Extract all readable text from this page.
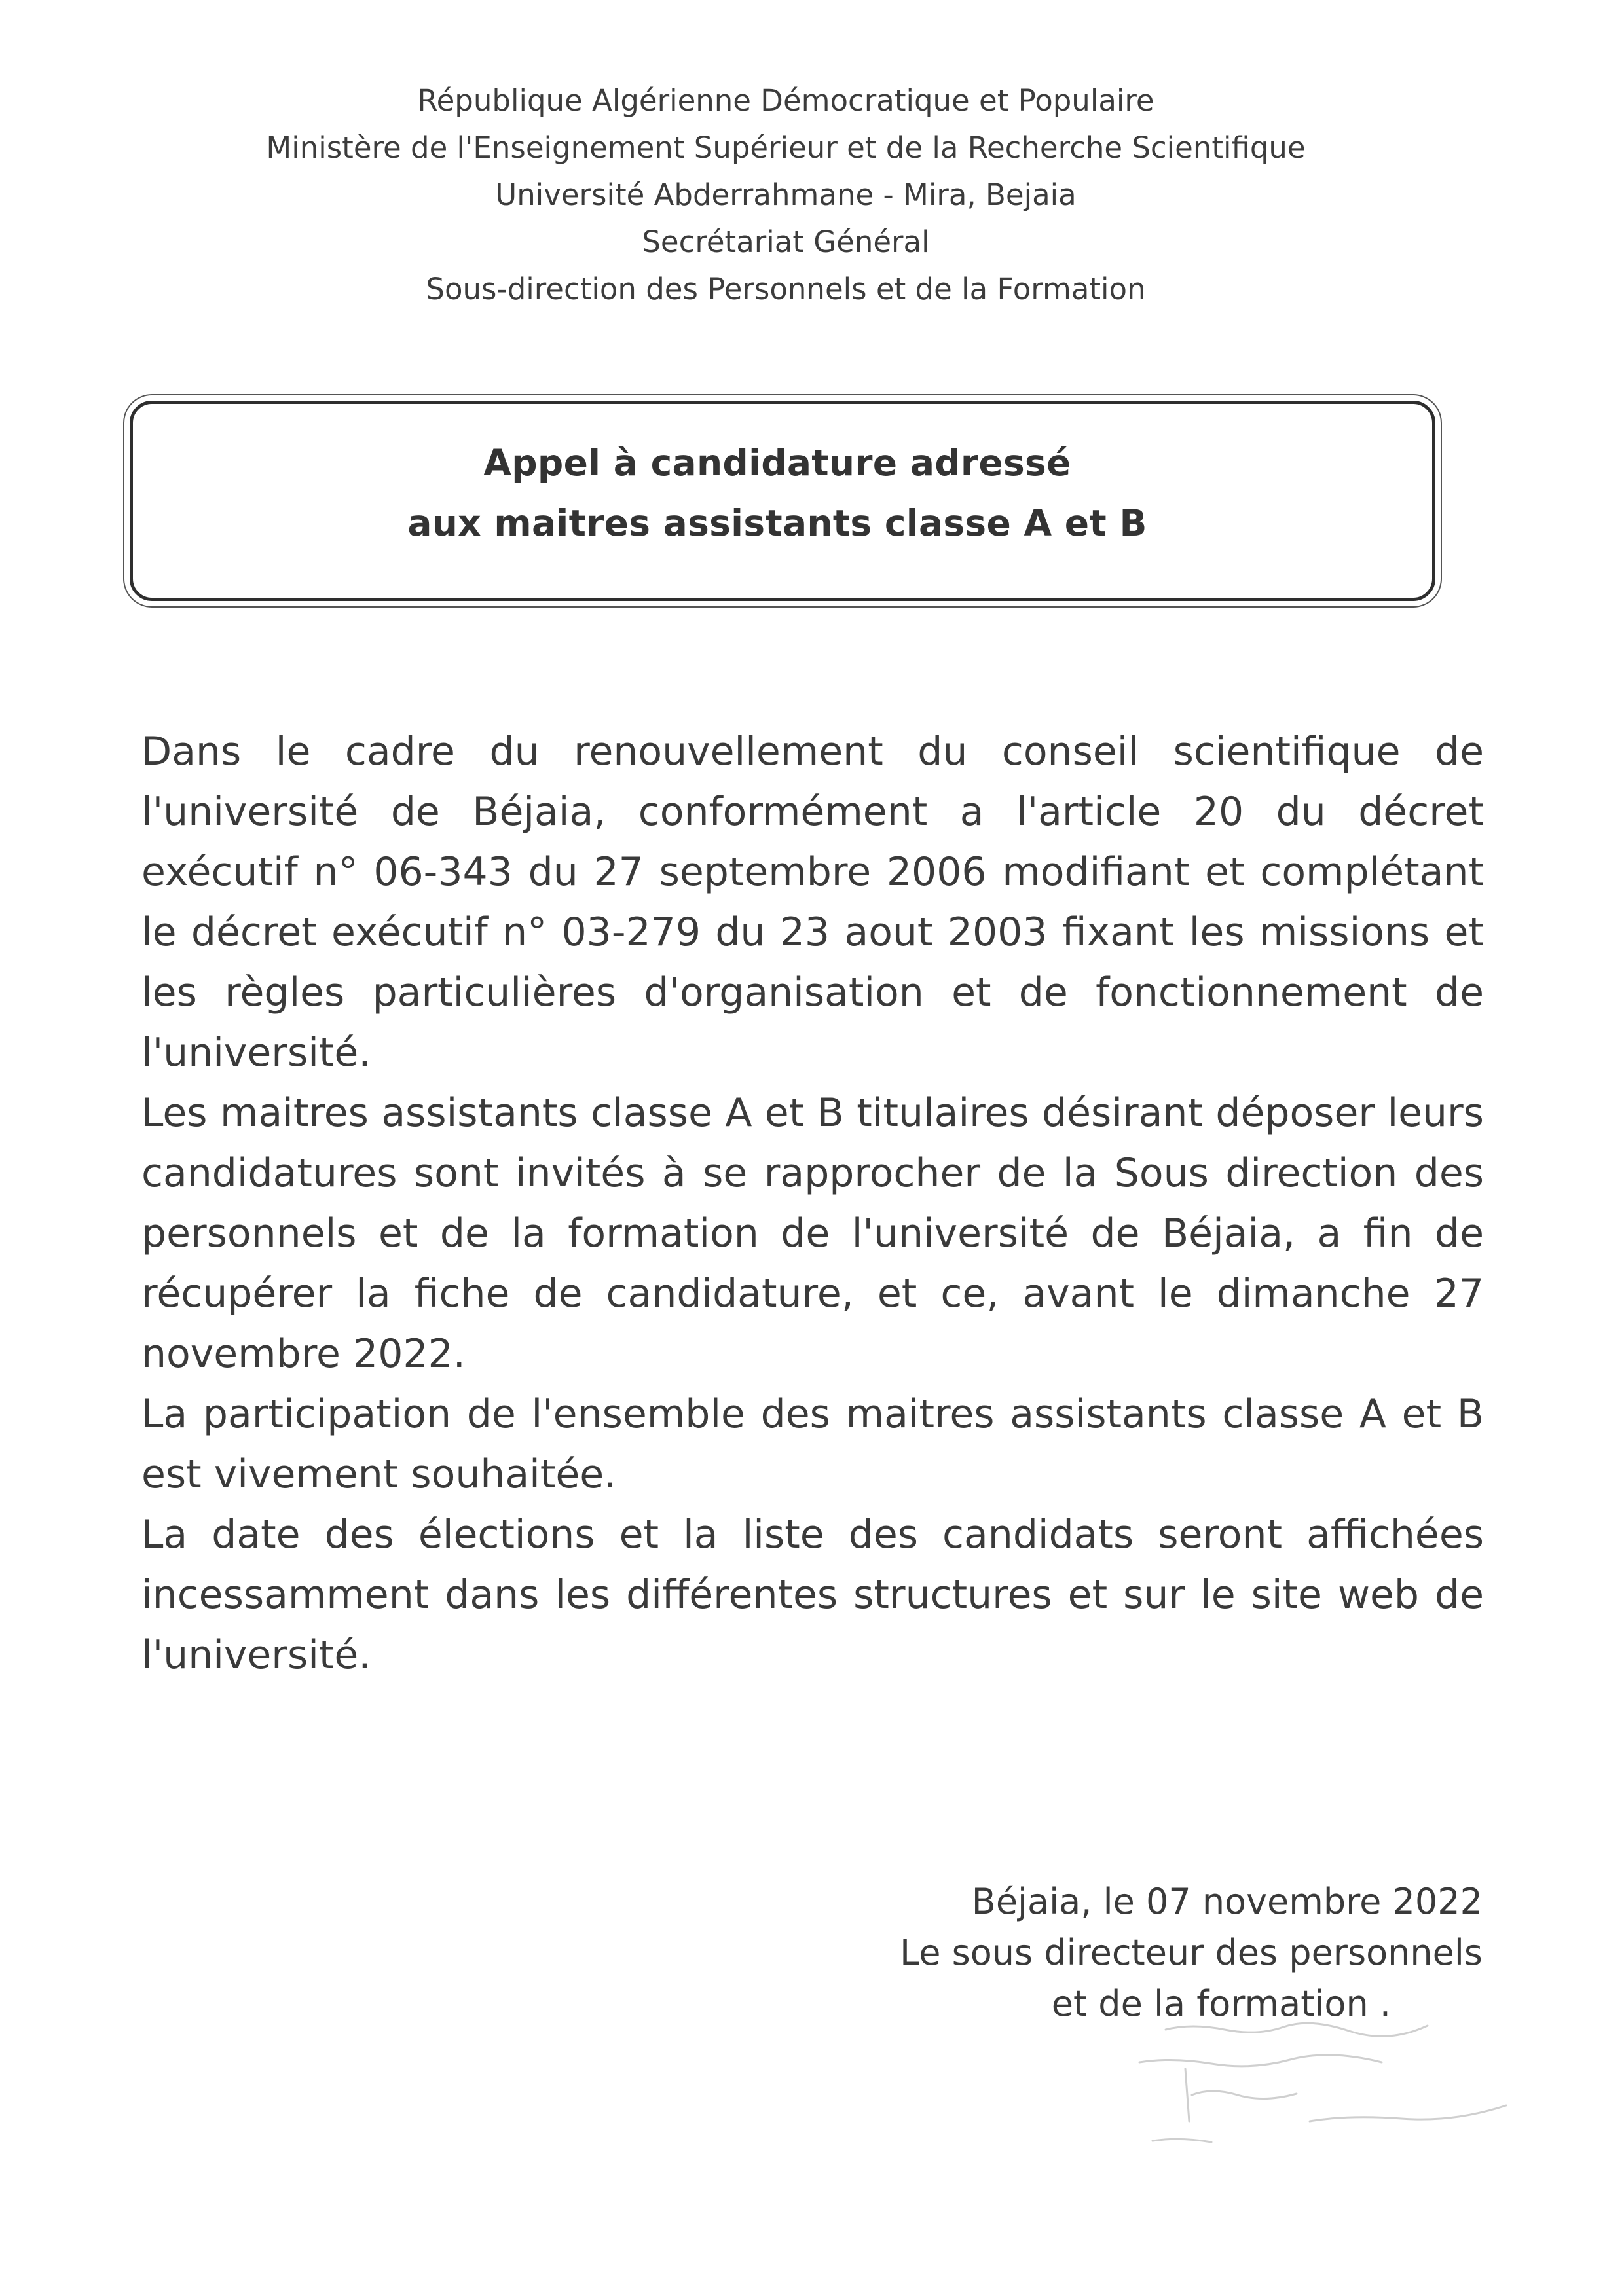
République Algérienne Démocratique et Populaire
Ministère de l'Enseignement Supérieur et de la Recherche Scientifique
Université Abderrahmane - Mira, Bejaia
Secrétariat Général
Sous-direction des Personnels et de la Formation
Appel à candidature adressé
aux maitres assistants classe A et B

Dans le cadre du renouvellement du conseil scientifique de l'université de Béjaia, conformément a l'article 20 du décret exécutif n° 06-343 du 27 septembre 2006 modifiant et complétant le décret exécutif n° 03-279 du 23 aout 2003 fixant les missions et les règles particulières d'organisation et de fonctionnement de l'université.

Les maitres assistants classe A et B titulaires désirant déposer leurs candidatures sont invités à se rapprocher de la Sous direction des personnels et de la formation de l'université de Béjaia, a fin de récupérer la fiche de candidature, et ce, avant le dimanche 27 novembre 2022.

La participation de l'ensemble des maitres assistants classe A et B est vivement souhaitée.

La date des élections et la liste des candidats seront affichées incessamment dans les différentes structures et sur le site web de l'université.

Béjaia, le 07 novembre 2022
Le sous directeur des personnels
et de la formation .
